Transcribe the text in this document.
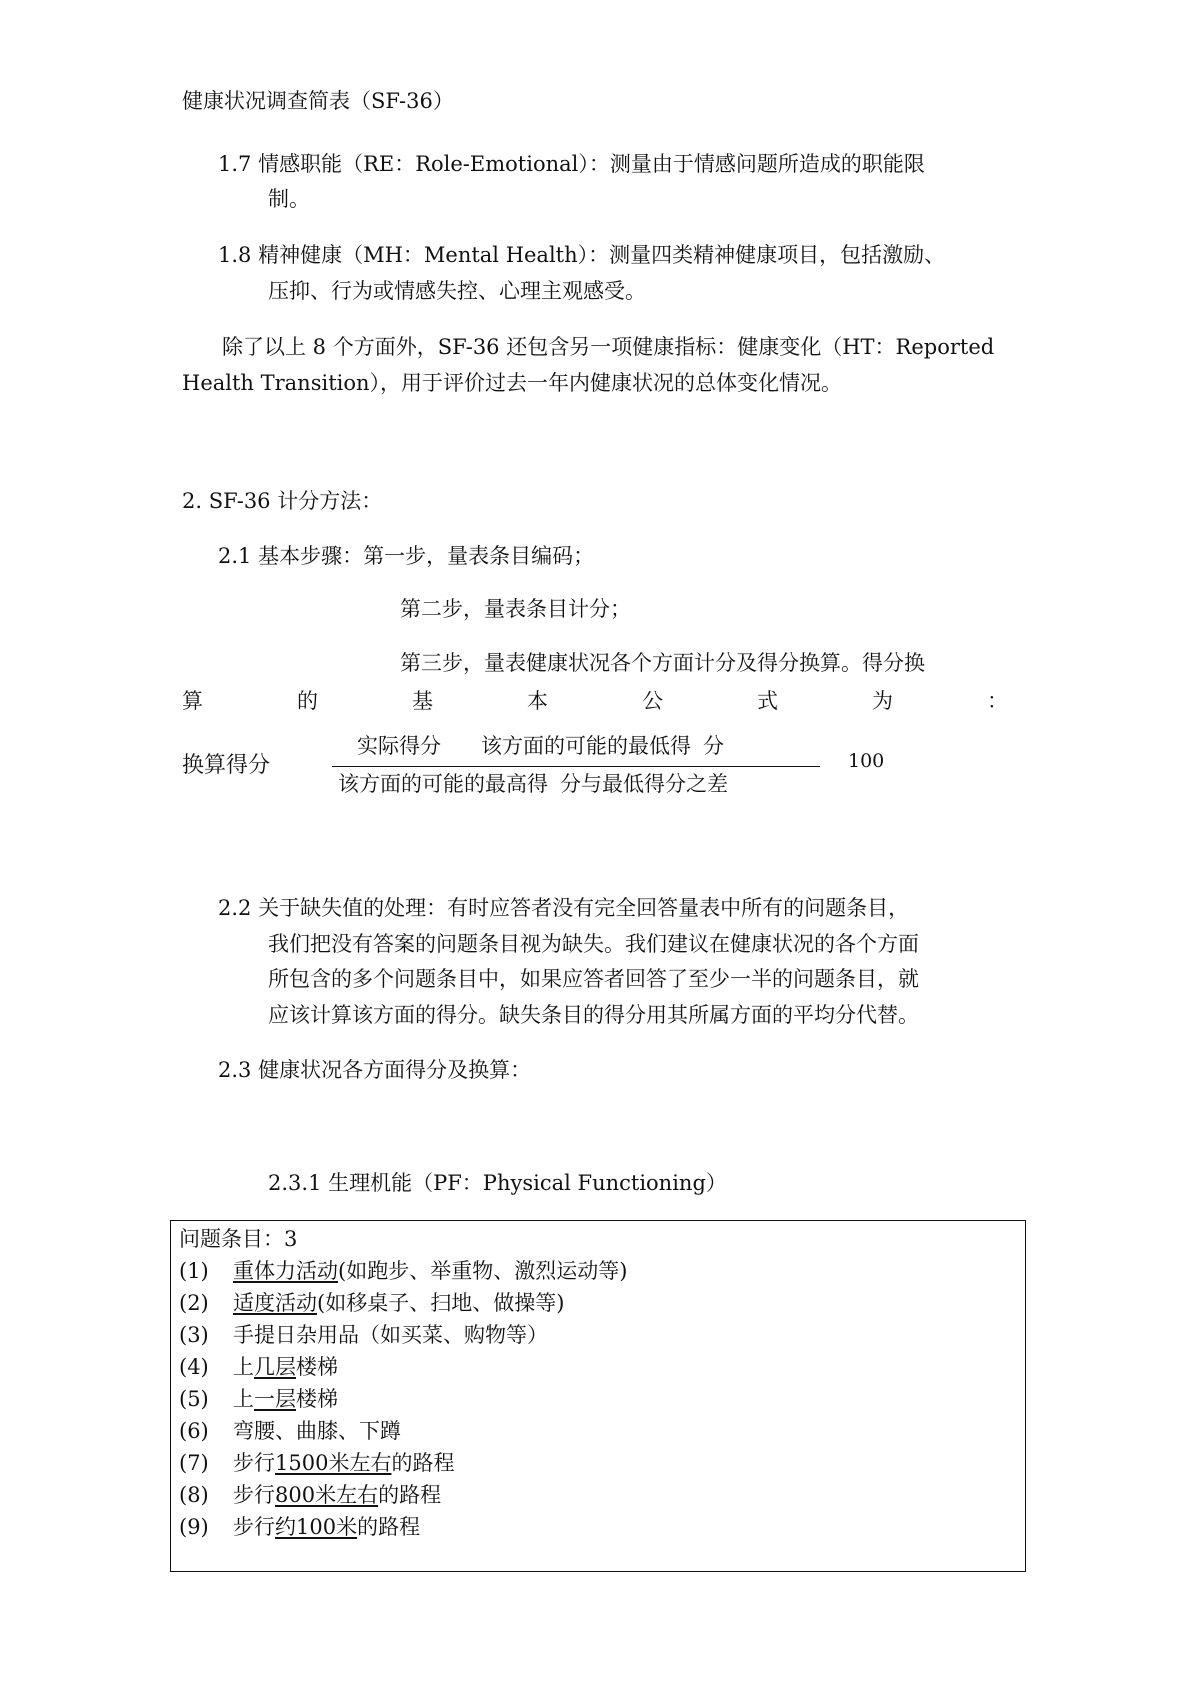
健康状况调查简表（SF-36）
1.7 情感职能（RE：Role-Emotional）：测量由于情感问题所造成的职能限
制。
1.8 精神健康（MH：Mental Health）：测量四类精神健康项目，包括激励、
压抑、行为或情感失控、心理主观感受。
除了以上 8 个方面外，SF-36 还包含另一项健康指标：健康变化（HT：Reported
Health Transition），用于评价过去一年内健康状况的总体变化情况。
2. SF-36 计分方法：
2.1 基本步骤：第一步，量表条目编码；
第二步，量表条目计分；
第三步，量表健康状况各个方面计分及得分换算。得分换
算	的	基	本	公	式	为	：
换算得分
实际得分 该方面的可能的最低得 分
该方面的可能的最高得 分与最低得分之差
100
2.2 关于缺失值的处理：有时应答者没有完全回答量表中所有的问题条目，
我们把没有答案的问题条目视为缺失。我们建议在健康状况的各个方面
所包含的多个问题条目中，如果应答者回答了至少一半的问题条目，就
应该计算该方面的得分。缺失条目的得分用其所属方面的平均分代替。
2.3 健康状况各方面得分及换算：
2.3.1 生理机能（PF：Physical Functioning）
问题条目：3
(1) 重体力活动(如跑步、举重物、激烈运动等)
(2) 适度活动(如移桌子、扫地、做操等)
(3) 手提日杂用品（如买菜、购物等）
(4) 上几层楼梯
(5) 上一层楼梯
(6) 弯腰、曲膝、下蹲
(7) 步行1500米左右的路程
(8) 步行800米左右的路程
(9) 步行约100米的路程
